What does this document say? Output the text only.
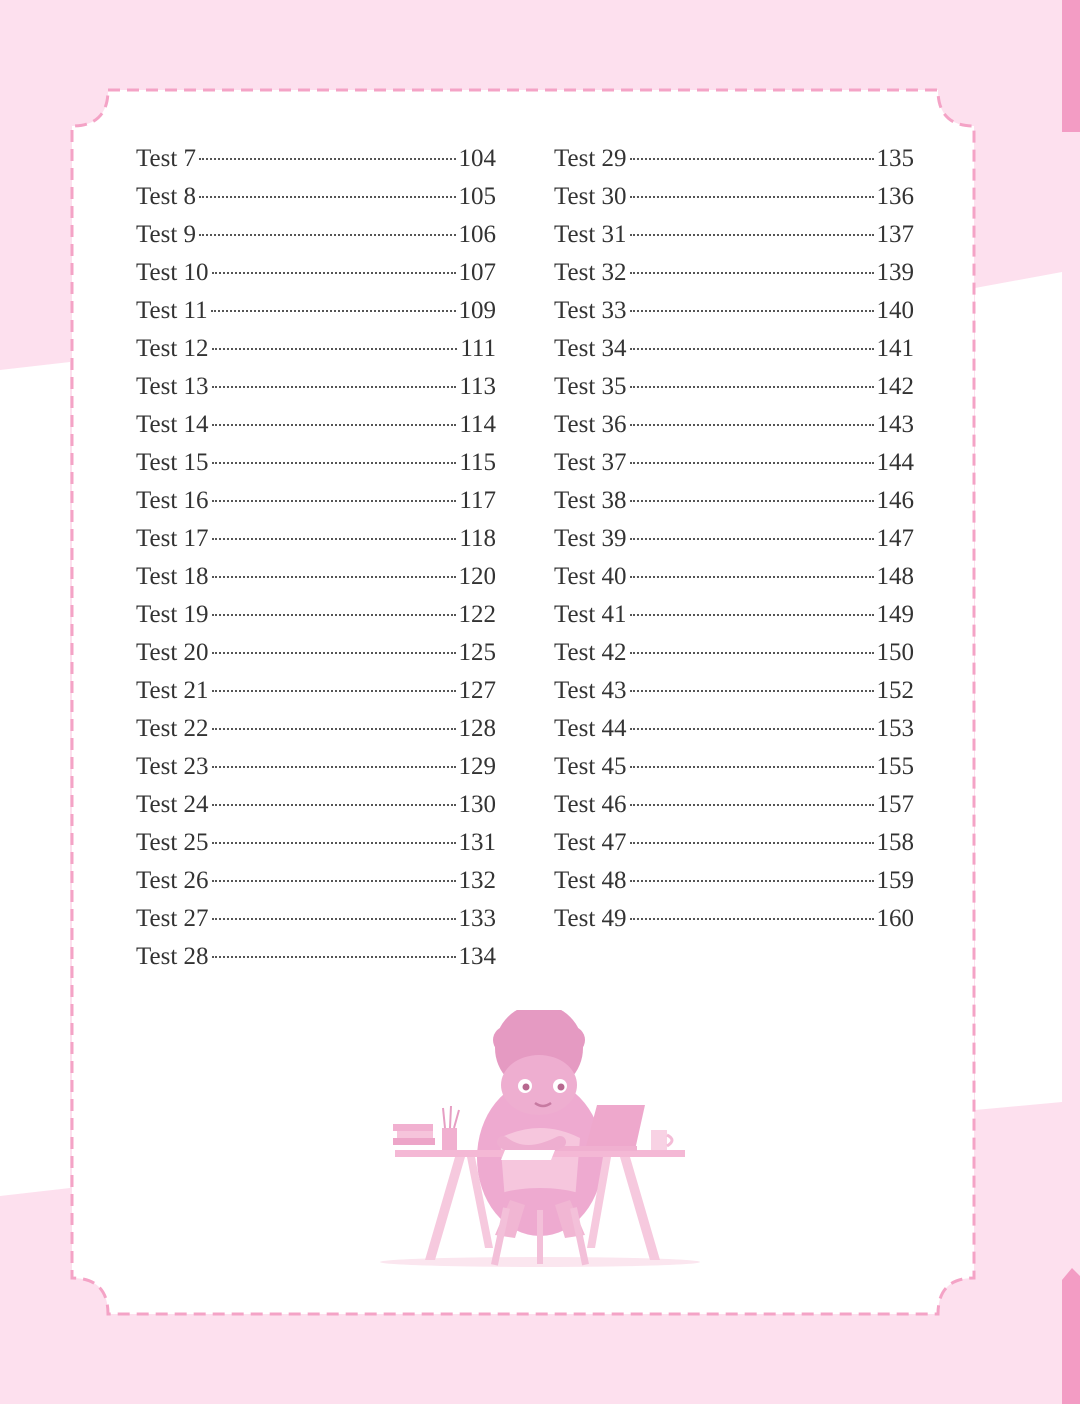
Test 7	104
Test 8	105
Test 9	106
Test 10	107
Test 11	109
Test 12	111
Test 13	113
Test 14	114
Test 15	115
Test 16	117
Test 17	118
Test 18	120
Test 19	122
Test 20	125
Test 21	127
Test 22	128
Test 23	129
Test 24	130
Test 25	131
Test 26	132
Test 27	133
Test 28	134
Test 29	135
Test 30	136
Test 31	137
Test 32	139
Test 33	140
Test 34	141
Test 35	142
Test 36	143
Test 37	144
Test 38	146
Test 39	147
Test 40	148
Test 41	149
Test 42	150
Test 43	152
Test 44	153
Test 45	155
Test 46	157
Test 47	158
Test 48	159
Test 49	160
